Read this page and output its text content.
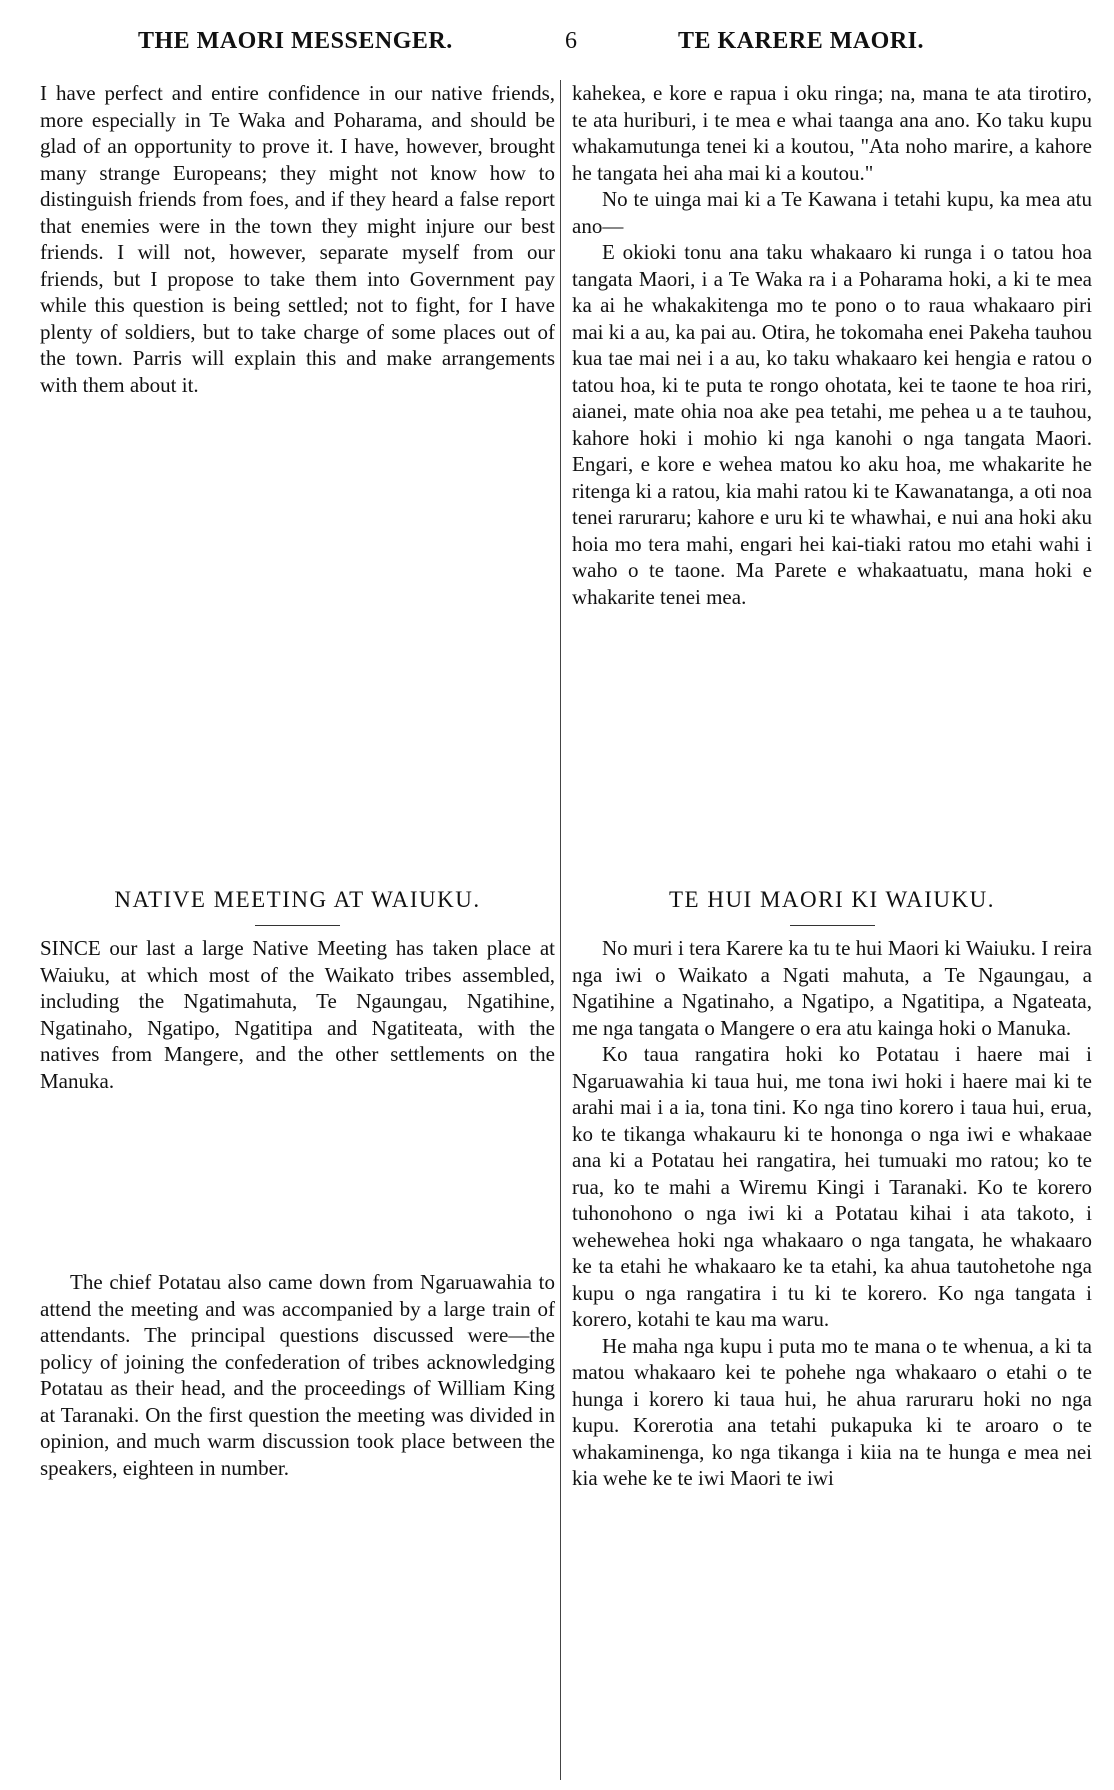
THE MAORI MESSENGER.	6	TE KARERE MAORI.

I have perfect and entire confidence in our native friends, more especially in Te Waka and Poharama, and should be glad of an opportunity to prove it. I have, however, brought many strange Europeans; they might not know how to distinguish friends from foes, and if they heard a false report that enemies were in the town they might injure our best friends. I will not, however, separate myself from our friends, but I propose to take them into Government pay while this question is being settled; not to fight, for I have plenty of soldiers, but to take charge of some places out of the town. Parris will explain this and make arrangements with them about it.

NATIVE MEETING AT WAIUKU.

SINCE our last a large Native Meeting has taken place at Waiuku, at which most of the Waikato tribes assembled, including the Ngatimahuta, Te Ngaungau, Ngatihine, Ngatinaho, Ngatipo, Ngatitipa and Ngatiteata, with the natives from Mangere, and the other settlements on the Manuka.

The chief Potatau also came down from Ngaruawahia to attend the meeting and was accompanied by a large train of attendants. The principal questions discussed were—the policy of joining the confederation of tribes acknowledging Potatau as their head, and the proceedings of William King at Taranaki. On the first question the meeting was divided in opinion, and much warm discussion took place between the speakers, eighteen in number.

kahekea, e kore e rapua i oku ringa; na, mana te ata tirotiro, te ata huriburi, i te mea e whai taanga ana ano. Ko taku kupu whakamutunga tenei ki a koutou, "Ata noho marire, a kahore he tangata hei aha mai ki a koutou."

No te uinga mai ki a Te Kawana i tetahi kupu, ka mea atu ano—

E okioki tonu ana taku whakaaro ki runga i o tatou hoa tangata Maori, i a Te Waka ra i a Poharama hoki, a ki te mea ka ai he whakakitenga mo te pono o to raua whakaaro piri mai ki a au, ka pai au. Otira, he tokomaha enei Pakeha tauhou kua tae mai nei i a au, ko taku whakaaro kei hengia e ratou o tatou hoa, ki te puta te rongo ohotata, kei te taone te hoa riri, aianei, mate ohia noa ake pea tetahi, me pehea u a te tauhou, kahore hoki i mohio ki nga kanohi o nga tangata Maori. Engari, e kore e wehea matou ko aku hoa, me whakarite he ritenga ki a ratou, kia mahi ratou ki te Kawanatanga, a oti noa tenei raruraru; kahore e uru ki te whawhai, e nui ana hoki aku hoia mo tera mahi, engari hei kai-tiaki ratou mo etahi wahi i waho o te taone. Ma Parete e whakaatuatu, mana hoki e whakarite tenei mea.

TE HUI MAORI KI WAIUKU.

No muri i tera Karere ka tu te hui Maori ki Waiuku. I reira nga iwi o Waikato a Ngati mahuta, a Te Ngaungau, a Ngatihine a Ngatinaho, a Ngatipo, a Ngatitipa, a Ngateata, me nga tangata o Mangere o era atu kainga hoki o Manuka.

Ko taua rangatira hoki ko Potatau i haere mai i Ngaruawahia ki taua hui, me tona iwi hoki i haere mai ki te arahi mai i a ia, tona tini. Ko nga tino korero i taua hui, erua, ko te tikanga whakauru ki te hononga o nga iwi e whakaae ana ki a Potatau hei rangatira, hei tumuaki mo ratou; ko te rua, ko te mahi a Wiremu Kingi i Taranaki. Ko te korero tuhonohono o nga iwi ki a Potatau kihai i ata takoto, i wehewehea hoki nga whakaaro o nga tangata, he whakaaro ke ta etahi he whakaaro ke ta etahi, ka ahua tautohetohe nga kupu o nga rangatira i tu ki te korero. Ko nga tangata i korero, kotahi te kau ma waru.

He maha nga kupu i puta mo te mana o te whenua, a ki ta matou whakaaro kei te pohehe nga whakaaro o etahi o te hunga i korero ki taua hui, he ahua raruraru hoki no nga kupu. Korerotia ana tetahi pukapuka ki te aroaro o te whakaminenga, ko nga tikanga i kiia na te hunga e mea nei kia wehe ke te iwi Maori te iwi
